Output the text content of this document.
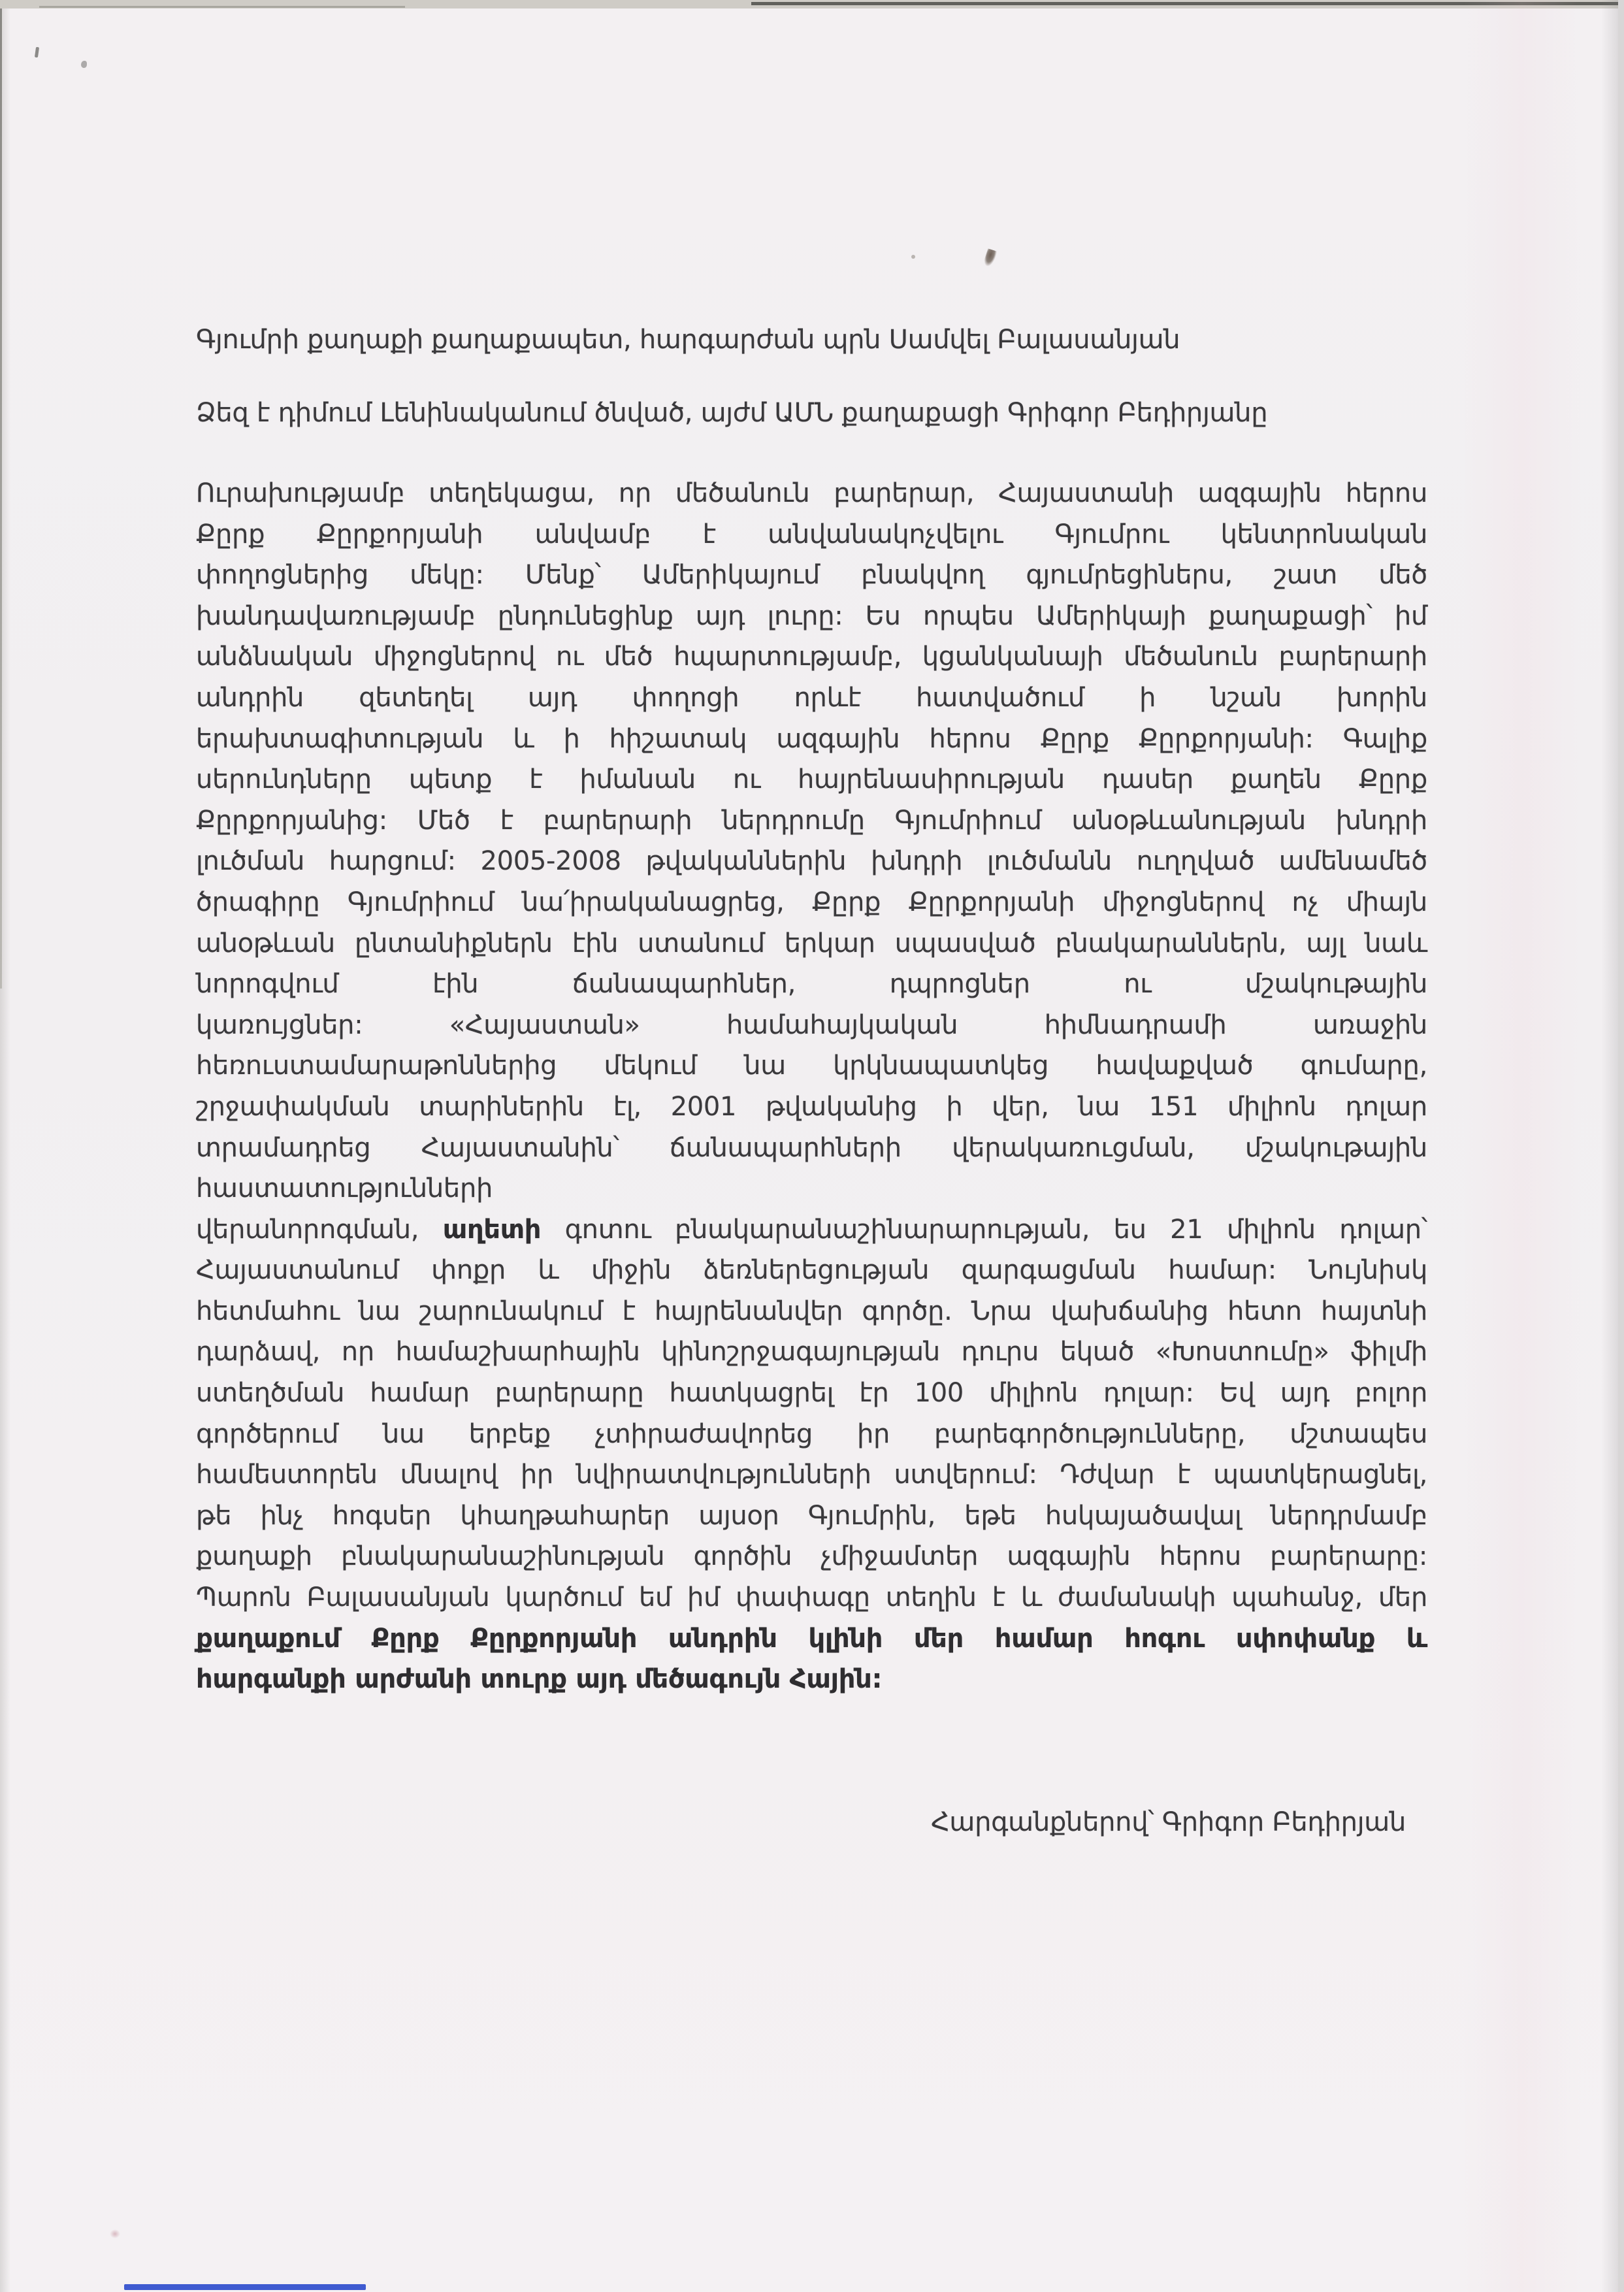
Գյումրի քաղաքի քաղաքապետ, հարգարժան պրն Սամվել Բալասանյան
Ձեզ է դիմում Լենինականում ծնված, այժմ ԱՄՆ քաղաքացի Գրիգոր Բեդիրյանը
Ուրախությամբ տեղեկացա, որ մեծանուն բարերար, Հայաստանի ազգային հերոս
Քըրք Քըրքորյանի անվամբ է անվանակոչվելու Գյումրու կենտրոնական
փողոցներից մեկը: Մենք՝ Ամերիկայում բնակվող գյումրեցիներս, շատ մեծ
խանդավառությամբ ընդունեցինք այդ լուրը: Ես որպես Ամերիկայի քաղաքացի՝ իմ
անձնական միջոցներով ու մեծ հպարտությամբ, կցանկանայի մեծանուն բարերարի
անդրին զետեղել այդ փողոցի որևէ հատվածում ի նշան խորին
երախտագիտության և ի հիշատակ ազգային հերոս Քըրք Քըրքորյանի: Գալիք
սերունդները պետք է իմանան ու հայրենասիրության դասեր քաղեն Քըրք
Քըրքորյանից: Մեծ է բարերարի ներդրումը Գյումրիում անօթևանության խնդրի
լուծման հարցում: 2005-2008 թվականներին խնդրի լուծմանն ուղղված ամենամեծ
ծրագիրը Գյումրիում նա՛իրականացրեց, Քըրք Քըրքորյանի միջոցներով ոչ միայն
անօթևան ընտանիքներն էին ստանում երկար սպասված բնակարաններն, այլ նաև
նորոգվում էին ճանապարհներ, դպրոցներ ու մշակութային
կառույցներ: «Հայաստան» համահայկական հիմնադրամի առաջին
հեռուստամարաթոններից մեկում նա կրկնապատկեց հավաքված գումարը,
շրջափակման տարիներին էլ, 2001 թվականից ի վեր, նա 151 միլիոն դոլար
տրամադրեց Հայաստանին՝ ճանապարհների վերակառուցման, մշակութային
հաստատությունների
վերանորոգման, աղետի գոտու բնակարանաշինարարության, ես 21 միլիոն դոլար՝
Հայաստանում փոքր և միջին ձեռներեցության զարգացման համար: Նույնիսկ
հետմահու նա շարունակում է հայրենանվեր գործը. Նրա վախճանից հետո հայտնի
դարձավ, որ համաշխարհային կինոշրջագայության դուրս եկած «Խոստումը» ֆիլմի
ստեղծման համար բարերարը հատկացրել էր 100 միլիոն դոլար: Եվ այդ բոլոր
գործերում նա երբեք չտիրաժավորեց իր բարեգործությունները, մշտապես
համեստորեն մնալով իր նվիրատվությունների ստվերում: Դժվար է պատկերացնել,
թե ինչ հոգսեր կհաղթահարեր այսօր Գյումրին, եթե հսկայածավալ ներդրմամբ
քաղաքի բնակարանաշինության գործին չմիջամտեր ազգային հերոս բարերարը:
Պարոն Բալասանյան կարծում եմ իմ փափագը տեղին է և ժամանակի պահանջ, մեր
քաղաքում Քըրք Քըրքորյանի անդրին կլինի մեր համար հոգու սփոփանք և
հարգանքի արժանի տուրք այդ մեծագույն Հային:
Հարգանքներով՝ Գրիգոր Բեդիրյան
